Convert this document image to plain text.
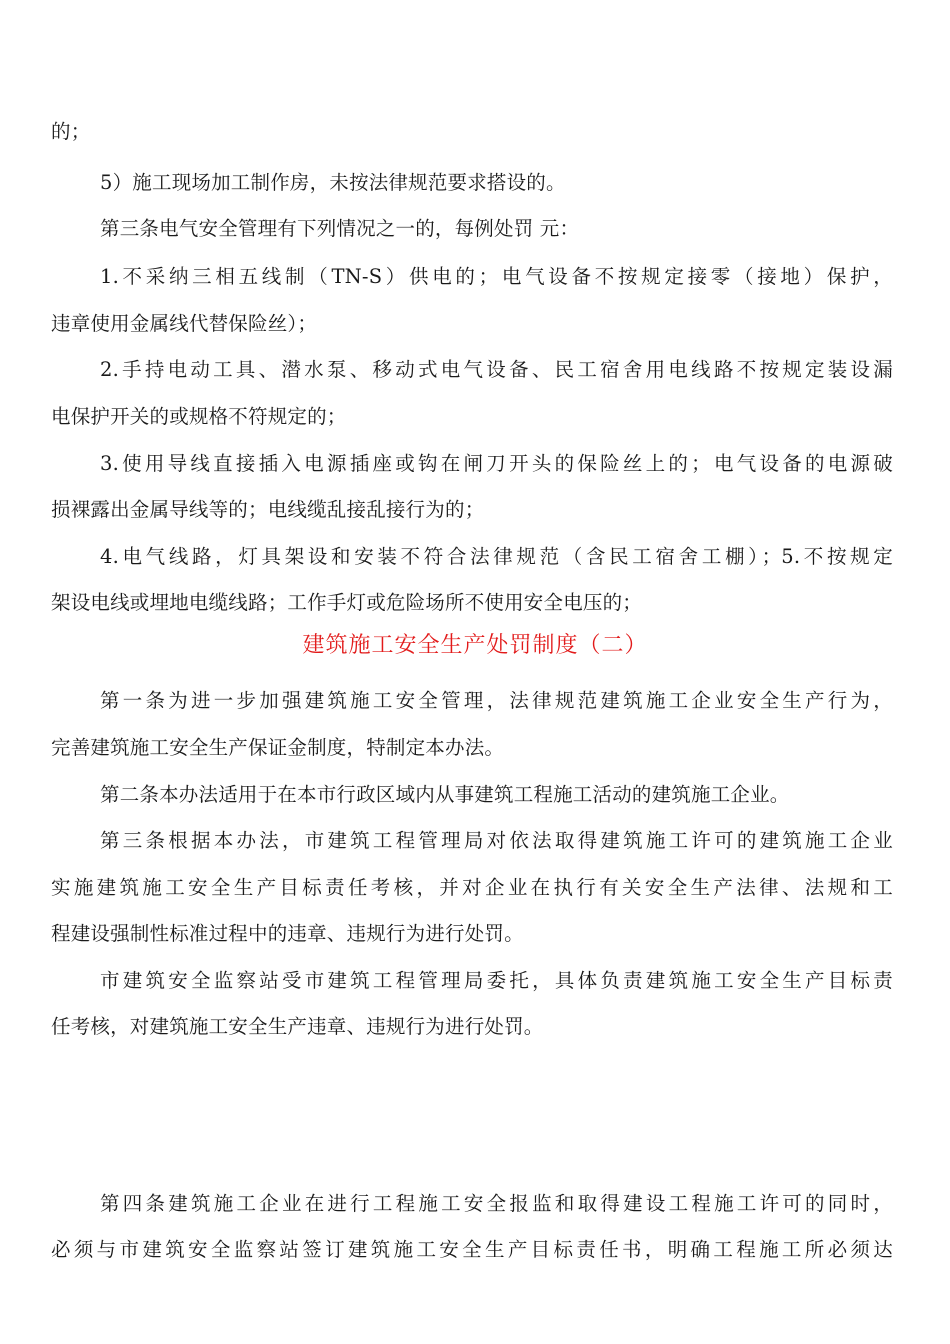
的；
5）施工现场加工制作房，未按法律规范要求搭设的。
第三条电气安全管理有下列情况之一的，每例处罚 元：
1.不采纳三相五线制（TN-S）供电的；电气设备不按规定接零（接地）保护，
违章使用金属线代替保险丝）；
2.手持电动工具、潜水泵、移动式电气设备、民工宿舍用电线路不按规定装设漏
电保护开关的或规格不符规定的；
3.使用导线直接插入电源插座或钩在闸刀开头的保险丝上的；电气设备的电源破
损裸露出金属导线等的；电线缆乱接乱接行为的；
4.电气线路，灯具架设和安装不符合法律规范（含民工宿舍工棚）；5.不按规定
架设电线或埋地电缆线路；工作手灯或危险场所不使用安全电压的；
建筑施工安全生产处罚制度（二）
第一条为进一步加强建筑施工安全管理，法律规范建筑施工企业安全生产行为，
完善建筑施工安全生产保证金制度，特制定本办法。
第二条本办法适用于在本市行政区域内从事建筑工程施工活动的建筑施工企业。
第三条根据本办法，市建筑工程管理局对依法取得建筑施工许可的建筑施工企业
实施建筑施工安全生产目标责任考核，并对企业在执行有关安全生产法律、法规和工
程建设强制性标准过程中的违章、违规行为进行处罚。
市建筑安全监察站受市建筑工程管理局委托，具体负责建筑施工安全生产目标责
任考核，对建筑施工安全生产违章、违规行为进行处罚。
第四条建筑施工企业在进行工程施工安全报监和取得建设工程施工许可的同时，
必须与市建筑安全监察站签订建筑施工安全生产目标责任书，明确工程施工所必须达
